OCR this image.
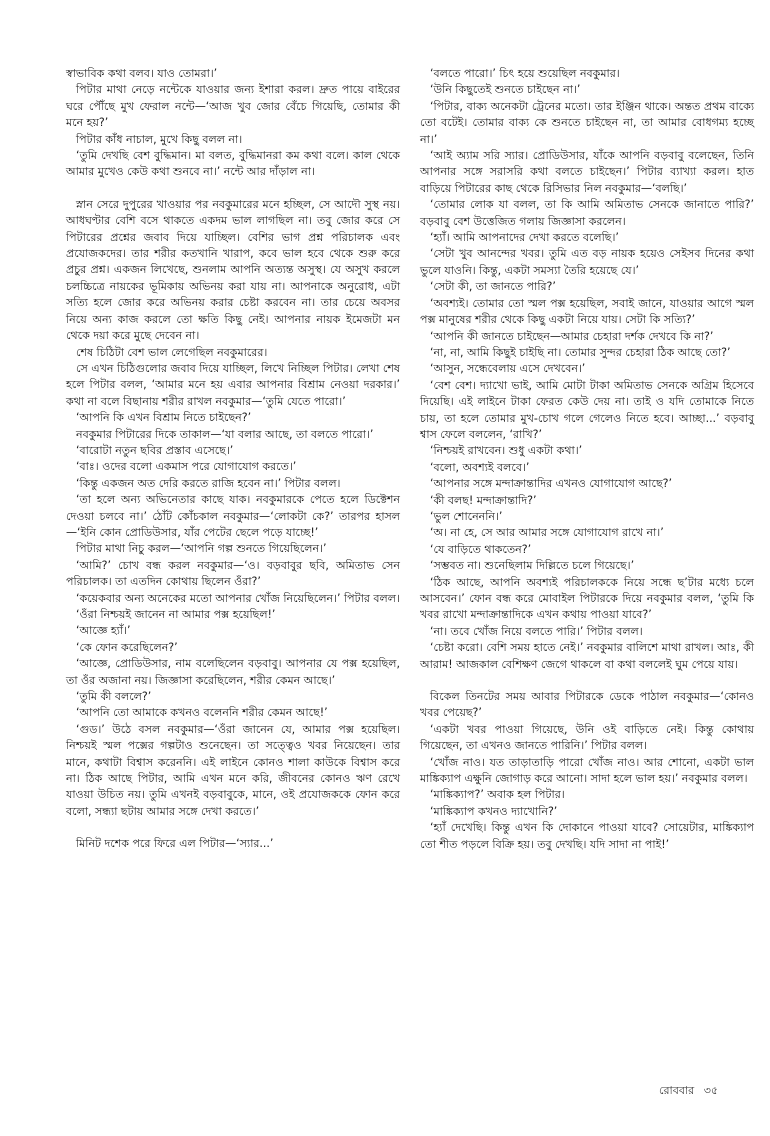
স্বাভাবিক কথা বলব। যাও তোমরা।’

পিটার মাথা নেড়ে নন্টেকে যাওয়ার জন্য ইশারা করল। দ্রুত পায়ে বাইরের ঘরে পৌঁছে মুখ ফেরাল নন্টে—‘আজ খুব জোর বেঁচে গিয়েছি, তোমার কী মনে হয়?’

পিটার কাঁধ নাচাল, মুখে কিছু বলল না।

‘তুমি দেখছি বেশ বুদ্ধিমান। মা বলত, বুদ্ধিমানরা কম কথা বলে। কাল থেকে আমার মুখেও কেউ কথা শুনবে না।’ নন্টে আর দাঁড়াল না।

স্নান সেরে দুপুরের খাওয়ার পর নবকুমারের মনে হচ্ছিল, সে আদৌ সুস্থ নয়। আধঘণ্টার বেশি বসে থাকতে একদম ভাল লাগছিল না। তবু জোর করে সে পিটারের প্রশ্নের জবাব দিয়ে যাচ্ছিল। বেশির ভাগ প্রশ্ন পরিচালক এবং প্রযোজকদের। তার শরীর কতখানি খারাপ, কবে ভাল হবে থেকে শুরু করে প্রচুর প্রশ্ন। একজন লিখেছে, শুনলাম আপনি অত্যন্ত অসুস্থ। যে অসুখ করলে চলচ্চিত্রে নায়কের ভূমিকায় অভিনয় করা যায় না। আপনাকে অনুরোধ, এটা সত্যি হলে জোর করে অভিনয় করার চেষ্টা করবেন না। তার চেয়ে অবসর নিয়ে অন্য কাজ করলে তো ক্ষতি কিছু নেই। আপনার নায়ক ইমেজটা মন থেকে দয়া করে মুছে দেবেন না।

শেষ চিঠিটা বেশ ভাল লেগেছিল নবকুমারের।

সে এখন চিঠিগুলোর জবাব দিয়ে যাচ্ছিল, লিখে নিচ্ছিল পিটার। লেখা শেষ হলে পিটার বলল, ‘আমার মনে হয় এবার আপনার বিশ্রাম নেওয়া দরকার।’ কথা না বলে বিছানায় শরীর রাখল নবকুমার—‘তুমি যেতে পারো।’

‘আপনি কি এখন বিশ্রাম নিতে চাইছেন?’

নবকুমার পিটারের দিকে তাকাল—‘যা বলার আছে, তা বলতে পারো।’

‘বারোটা নতুন ছবির প্রস্তাব এসেছে।’

‘বাঃ। ওদের বলো একমাস পরে যোগাযোগ করতে।’

‘কিন্তু একজন অত দেরি করতে রাজি হবেন না।’ পিটার বলল।

‘তা হলে অন্য অভিনেতার কাছে যাক। নবকুমারকে পেতে হলে ডিক্টেশন দেওয়া চলবে না।’ ঠোঁট কোঁচকাল নবকুমার—‘লোকটা কে?’ তারপর হাসল—‘ইনি কোন প্রোডিউসার, যাঁর পেটের ছেলে পড়ে যাচ্ছে!’

পিটার মাথা নিচু করল—‘আপনি গল্প শুনতে গিয়েছিলেন।’

‘আমি?’ চোখ বন্ধ করল নবকুমার—‘ও। বড়বাবুর ছবি, অমিতাভ সেন পরিচালক। তা এতদিন কোথায় ছিলেন ওঁরা?’

‘কয়েকবার অন্য অনেকের মতো আপনার খোঁজ নিয়েছিলেন।’ পিটার বলল।

‘ওঁরা নিশ্চয়ই জানেন না আমার পক্স হয়েছিল!’

‘আজ্ঞে হ্যাঁ।’

‘কে ফোন করেছিলেন?’

‘আজ্ঞে, প্রোডিউসার, নাম বলেছিলেন বড়বাবু। আপনার যে পক্স হয়েছিল, তা ওঁর অজানা নয়। জিজ্ঞাসা করেছিলেন, শরীর কেমন আছে।’

‘তুমি কী বললে?’

‘আপনি তো আমাকে কখনও বলেননি শরীর কেমন আছে!’

‘গুড।’ উঠে বসল নবকুমার—‘ওঁরা জানেন যে, আমার পক্স হয়েছিল। নিশ্চয়ই স্মল পক্সের গল্পটাও শুনেছেন। তা সত্ত্বেও খবর নিয়েছেন। তার মানে, কথাটা বিশ্বাস করেননি। এই লাইনে কোনও শালা কাউকে বিশ্বাস করে না। ঠিক আছে পিটার, আমি এখন মনে করি, জীবনের কোনও ঋণ রেখে যাওয়া উচিত নয়। তুমি এখনই বড়বাবুকে, মানে, ওই প্রযোজককে ফোন করে বলো, সন্ধ্যা ছটায় আমার সঙ্গে দেখা করতে।’

মিনিট দশেক পরে ফিরে এল পিটার—‘স্যার...’

‘বলতে পারো।’ চিৎ হয়ে শুয়েছিল নবকুমার।

‘উনি কিছুতেই শুনতে চাইছেন না।’

‘পিটার, বাক্য অনেকটা ট্রেনের মতো। তার ইঞ্জিন থাকে। অন্তত প্রথম বাক্যে তো বটেই। তোমার বাক্য কে শুনতে চাইছেন না, তা আমার বোধগম্য হচ্ছে না।’

‘আই অ্যাম সরি স্যার। প্রোডিউসার, যাঁকে আপনি বড়বাবু বলেছেন, তিনি আপনার সঙ্গে সরাসরি কথা বলতে চাইছেন।’ পিটার ব্যাখ্যা করল। হাত বাড়িয়ে পিটারের কাছ থেকে রিসিভার নিল নবকুমার—‘বলছি।’

‘তোমার লোক যা বলল, তা কি আমি অমিতাভ সেনকে জানাতে পারি?’ বড়বাবু বেশ উত্তেজিত গলায় জিজ্ঞাসা করলেন।

‘হ্যাঁ। আমি আপনাদের দেখা করতে বলেছি।’

‘সেটা খুব আনন্দের খবর। তুমি এত বড় নায়ক হয়েও সেইসব দিনের কথা ভুলে যাওনি। কিন্তু, একটা সমস্যা তৈরি হয়েছে যে।’

‘সেটা কী, তা জানতে পারি?’

‘অবশ্যই। তোমার তো স্মল পক্স হয়েছিল, সবাই জানে, যাওয়ার আগে স্মল পক্স মানুষের শরীর থেকে কিছু একটা নিয়ে যায়। সেটা কি সত্যি?’

‘আপনি কী জানতে চাইছেন—আমার চেহারা দর্শক দেখবে কি না?’

‘না, না, আমি কিছুই চাইছি না। তোমার সুন্দর চেহারা ঠিক আছে তো?’

‘আসুন, সন্ধেবেলায় এসে দেখবেন।’

‘বেশ বেশ। দ্যাখো ভাই, আমি মোটা টাকা অমিতাভ সেনকে অগ্রিম হিসেবে দিয়েছি। এই লাইনে টাকা ফেরত কেউ দেয় না। তাই ও যদি তোমাকে নিতে চায়, তা হলে তোমার মুখ-চোখ গলে গেলেও নিতে হবে। আচ্ছা...’ বড়বাবু শ্বাস ফেলে বললেন, ‘রাখি?’

‘নিশ্চয়ই রাখবেন। শুধু একটা কথা।’

‘বলো, অবশ্যই বলবে।’

‘আপনার সঙ্গে মন্দাক্রান্তাদির এখনও যোগাযোগ আছে?’

‘কী বলছ! মন্দাক্রান্তাদি?’

‘ভুল শোনেননি।’

‘অ। না হে, সে আর আমার সঙ্গে যোগাযোগ রাখে না।’

‘যে বাড়িতে থাকতেন?’

‘সম্ভবত না। শুনেছিলাম দিল্লিতে চলে গিয়েছে।’

‘ঠিক আছে, আপনি অবশ্যই পরিচালককে নিয়ে সন্ধে ছ’টার মধ্যে চলে আসবেন।’ ফোন বন্ধ করে মোবাইল পিটারকে দিয়ে নবকুমার বলল, ‘তুমি কি খবর রাখো মন্দাক্রান্তাদিকে এখন কথায় পাওয়া যাবে?’

‘না। তবে খোঁজ নিয়ে বলতে পারি।’ পিটার বলল।

‘চেষ্টা করো। বেশি সময় হাতে নেই।’ নবকুমার বালিশে মাথা রাখল। আঃ, কী আরাম! আজকাল বেশিক্ষণ জেগে থাকলে বা কথা বললেই ঘুম পেয়ে যায়।

বিকেল তিনটের সময় আবার পিটারকে ডেকে পাঠাল নবকুমার—‘কোনও খবর পেয়েছ?’

‘একটা খবর পাওয়া গিয়েছে, উনি ওই বাড়িতে নেই। কিন্তু কোথায় গিয়েছেন, তা এখনও জানতে পারিনি।’ পিটার বলল।

‘খোঁজ নাও। যত তাড়াতাড়ি পারো খোঁজ নাও। আর শোনো, একটা ভাল মাঙ্কিক্যাপ এক্ষুনি জোগাড় করে আনো। সাদা হলে ভাল হয়।’ নবকুমার বলল।

‘মাঙ্কিক্যাপ?’ অবাক হল পিটার।

‘মাঙ্কিক্যাপ কখনও দ্যাখোনি?’

‘হ্যাঁ দেখেছি। কিন্তু এখন কি দোকানে পাওয়া যাবে? সোয়েটার, মাঙ্কিক্যাপ তো শীত পড়লে বিক্রি হয়। তবু দেখছি। যদি সাদা না পাই!’

রোববার ৩৫
